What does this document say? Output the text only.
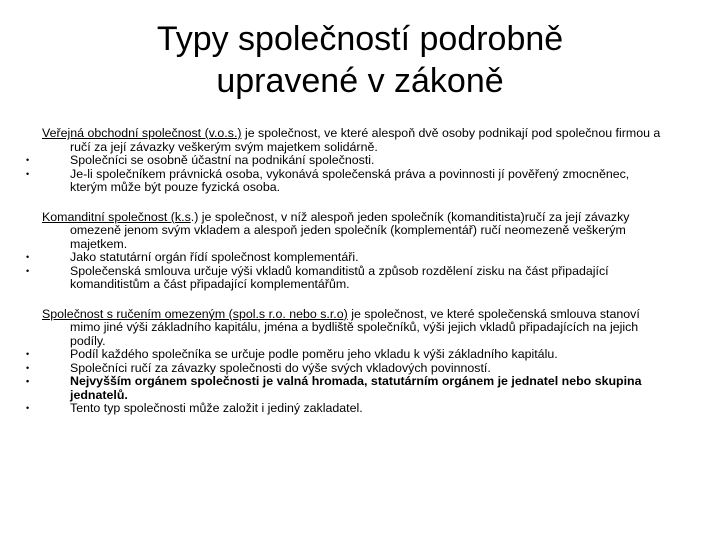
Typy společností podrobně
upravené v zákoně

Veřejná obchodní společnost (v.o.s.) je společnost, ve které alespoň dvě osoby podnikají pod společnou firmou a ručí za její závazky veškerým svým majetkem solidárně.

•	Společníci se osobně účastní na podnikání společnosti.
•	Je-li společníkem právnická osoba, vykonává společenská práva a povinnosti jí pověřený zmocněnec, kterým může být pouze fyzická osoba.

Komanditní společnost (k.s.) je společnost, v níž alespoň jeden společník (komanditista)ručí za její závazky omezeně jenom svým vkladem a alespoň jeden společník (komplementář) ručí neomezeně veškerým majetkem.

•	Jako statutární orgán řídí společnost komplementáři.
•	Společenská smlouva určuje výši vkladů komanditistů a způsob rozdělení zisku na část připadající komanditistům a část připadající komplementářům.

Společnost s ručením omezeným (spol.s r.o. nebo s.r.o) je společnost, ve které společenská smlouva stanoví mimo jiné výši základního kapitálu, jména a bydliště společníků, výši jejich vkladů připadajících na jejich podíly.

•	Podíl každého společníka se určuje podle poměru jeho vkladu k výši základního kapitálu.
•	Společníci ručí za závazky společnosti do výše svých vkladových povinností.
•	Nejvyšším orgánem společnosti je valná hromada, statutárním orgánem je jednatel nebo skupina jednatelů.
•	Tento typ společnosti může založit i jediný zakladatel.
